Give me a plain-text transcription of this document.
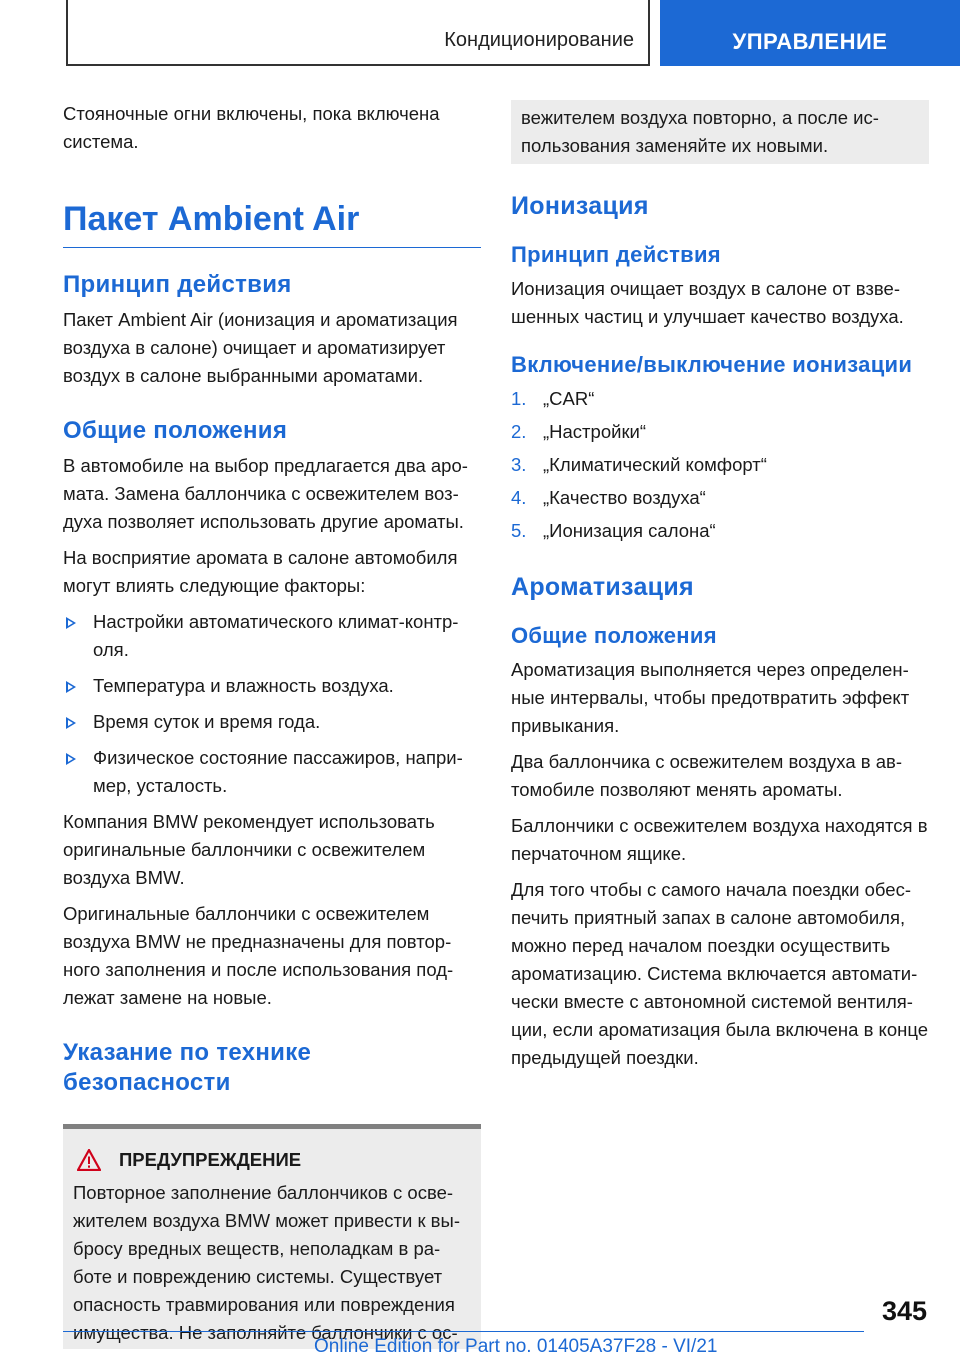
Кондиционирование	УПРАВЛЕНИЕ

Стояночные огни включены, пока включена система.

Пакет Ambient Air
Принцип действия

Пакет Ambient Air (ионизация и ароматизация воздуха в салоне) очищает и ароматизирует воздух в салоне выбранными ароматами.

Общие положения

В автомобиле на выбор предлагается два аромата. Замена баллончика с освежителем воздуха позволяет использовать другие ароматы.

На восприятие аромата в салоне автомобиля могут влиять следующие факторы:

Настройки автоматического климат-контроля.
Температура и влажность воздуха.
Время суток и время года.
Физическое состояние пассажиров, например, усталость.

Компания BMW рекомендует использовать оригинальные баллончики с освежителем воздуха BMW.

Оригинальные баллончики с освежителем воздуха BMW не предназначены для повторного заполнения и после использования подлежат замене на новые.

Указание по технике безопасности
ПРЕДУПРЕЖДЕНИЕ

Повторное заполнение баллончиков с освежителем воздуха BMW может привести к выбросу вредных веществ, неполадкам в работе и повреждению системы. Существует опасность травмирования или повреждения имущества. Не заполняйте баллончики с ос-

вежителем воздуха повторно, а после использования заменяйте их новыми.

Ионизация
Принцип действия

Ионизация очищает воздух в салоне от взвешенных частиц и улучшает качество воздуха.

Включение/выключение ионизации
1. „CAR“
2. „Настройки“
3. „Климатический комфорт“
4. „Качество воздуха“
5. „Ионизация салона“
Ароматизация
Общие положения

Ароматизация выполняется через определенные интервалы, чтобы предотвратить эффект привыкания.

Два баллончика с освежителем воздуха в автомобиле позволяют менять ароматы.

Баллончики с освежителем воздуха находятся в перчаточном ящике.

Для того чтобы с самого начала поездки обеспечить приятный запах в салоне автомобиля, можно перед началом поездки осуществить ароматизацию. Система включается автоматически вместе с автономной системой вентиляции, если ароматизация была включена в конце предыдущей поездки.

345
Online Edition for Part no. 01405A37F28 - VI/21
